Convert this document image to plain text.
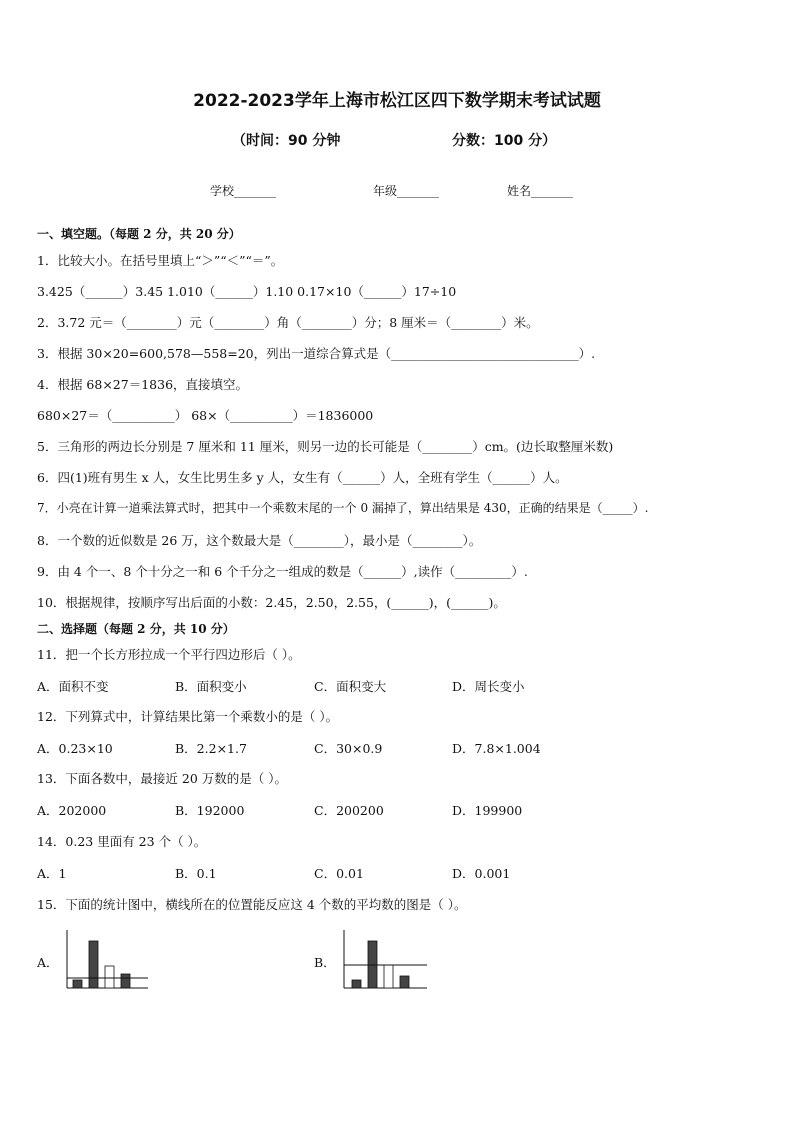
2022-2023学年上海市松江区四下数学期末考试试题
（时间：90 分钟	分数：100 分）
学校_______	年级_______	姓名_______
一、填空题。（每题 2 分，共 20 分）
1．比较大小。在括号里填上“＞”“＜”“＝”。
3.425（______）3.45 1.010（______）1.10 0.17×10（______）17÷10
2．3.72 元＝（________）元（________）角（________）分；8 厘米＝（________）米。
3．根据 30×20=600,578—558=20，列出一道综合算式是（______________________________）.
4．根据 68×27＝1836，直接填空。
680×27＝（__________） 68×（__________）＝1836000
5．三角形的两边长分别是 7 厘米和 11 厘米，则另一边的长可能是（________）cm。(边长取整厘米数)
6．四(1)班有男生 x 人，女生比男生多 y 人，女生有（______）人，全班有学生（______）人。
7．小亮在计算一道乘法算式时，把其中一个乘数末尾的一个 0 漏掉了，算出结果是 430，正确的结果是（_____）.
8．一个数的近似数是 26 万，这个数最大是（________），最小是（________）。
9．由 4 个一、8 个十分之一和 6 个千分之一组成的数是（______）,读作（_________）.
10．根据规律，按顺序写出后面的小数：2.45，2.50，2.55，(______)，(______)。
二、选择题（每题 2 分，共 10 分）
11．把一个长方形拉成一个平行四边形后（ ）。
A．面积不变	B．面积变小	C．面积变大	D．周长变小
12．下列算式中，计算结果比第一个乘数小的是（ ）。
A．0.23×10	B．2.2×1.7	C．30×0.9	D．7.8×1.004
13．下面各数中，最接近 20 万数的是（ ）。
A．202000	B．192000	C．200200	D．199900
14．0.23 里面有 23 个（ ）。
A．1	B．0.1	C．0.01	D．0.001
15．下面的统计图中，横线所在的位置能反应这 4 个数的平均数的图是（ ）。
A．	B．
